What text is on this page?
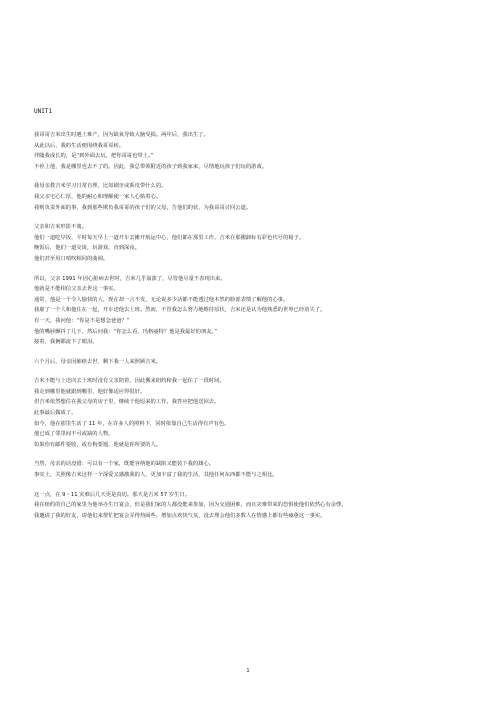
UNIT1
我哥哥吉米出生时遇上难产，因为缺氧导致大脑受损。两年后，我出生了。
从此以后，我的生活便围绕我哥哥转。
伴随我成长的，是“到外面去玩，把你哥哥也带上。”
不停上他，我是哪里也去不了的。因此，我总带领附近的孩子到我家来，尽情地玩孩子们玩的游戏。
我母亲教吉米学习日常自理，比如刷牙或系皮带什么的。
我父亲宅心仁厚，他的耐心和理解使一家人心贴着心。
我则负责外面的事，我到那些欺负我哥哥的孩子们的父母，告他们的状，为我哥哥讨回公道。
父亲和吉米形影不离。
他们一道吃早饭，平时每天早上一道开车去摊开航运中心，他们都在那里工作，吉米在那搬卸标有彩色代号的箱子。
晚饭后，他们一道交谈，玩游戏，直到深夜。
他们甚至用口哨吹相同的曲调。
所以，父亲 1991 年因心脏病去世时，吉米几乎崩溃了，尽管他尽量不表现出来。
他就是不能相信父亲去世这一事实。
通常，他是一个令人愉快的人，现在却一言不发，无论说多少话都不能透过他木然的脸部表情了解他的心事。
我雇了一个人和他住在一起，开车送他去上班。然而，不管我怎么努力地维持原状，吉米还是认为他熟悉的世界已经消失了。
有一天，我问他：“你是不是想念爸爸？”
他的嘴唇颤抖了几下，然后问我：“你怎么看，玛格丽特？他是我最好的朋友。”
接着，我俩都流下了眼泪。
六个月后，母亲因肺癌去世，剩下我一人来照顾吉米。
吉米不能与上送向去上班时没有父亲陪着，因此搬来纽约和我一起住了一段时间。
我走到哪里他就跟到哪里，他好像适应得很好。
但吉米依然想住在我父母的房子里，继续干他原来的工作。我答应把他送回去。
此事最后做成了。
如今，他在那里生活了 11 年，在许多人的照料下，同时依靠自己生活得有声有色。
他已成了邻里间不可或缺的人物。
如果你有邮件要收，或有狗要遛，他就是你所要的人。
当然，母亲的话没错：可以有一个家，既能容纳他的缺陷又能装下我的雄心。
事实上，关照像吉米这样一个深爱又感激我的人，更加丰富了我的生活，其他任何东西都不能与之相比。
这一点，在 9・11 灾难后几天更是真切。那天是吉米 57 岁生日。
我在纽约的自己的家里为他举办生日宴会，但是我们家的人都没能来参加，因为交通困难，而且灾难带来的恐惧使他们依然心有余悸。
我邀请了我的好友，请他们来帮忙把宴会弄得热闹些，增加点欢快气氛，没去理会他们多数人在情感上都有些疲惫这一事实。
1
